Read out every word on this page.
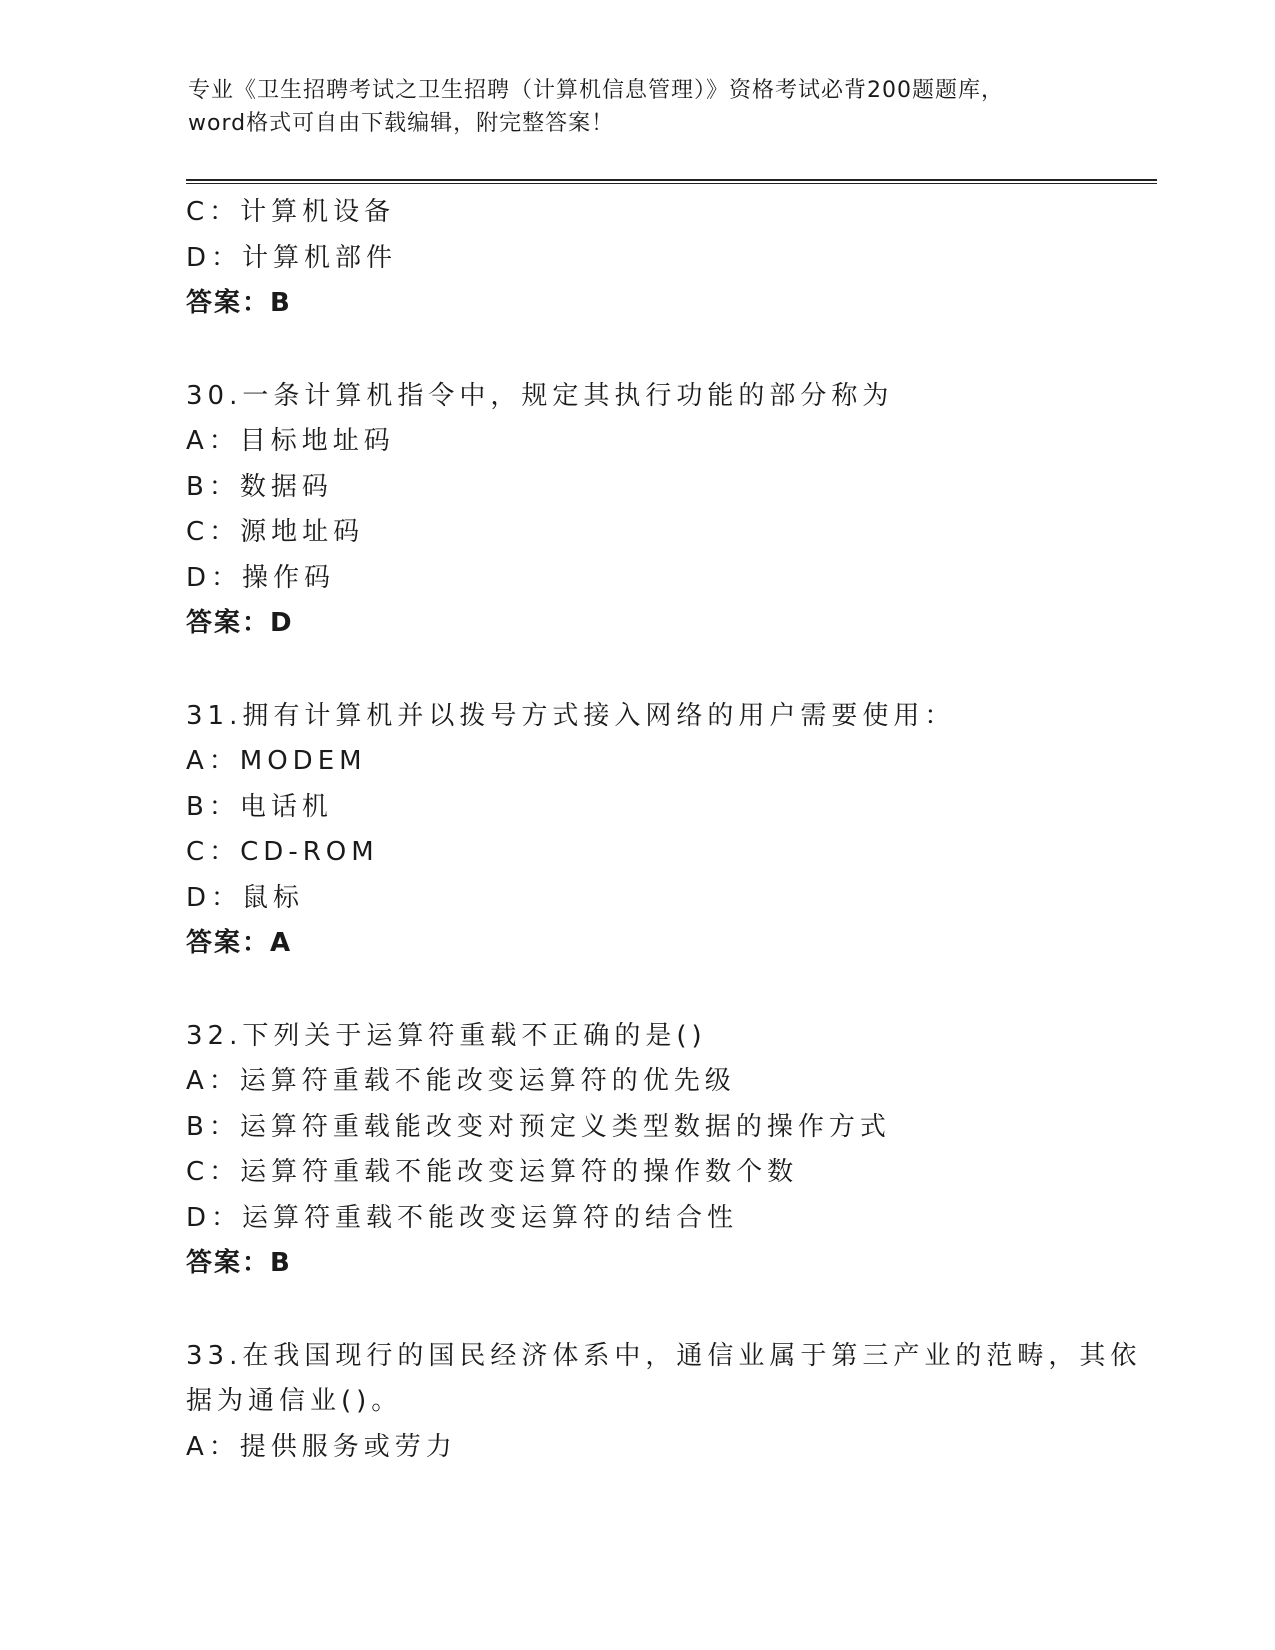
专业《卫生招聘考试之卫生招聘（计算机信息管理）》资格考试必背200题题库，
word格式可自由下载编辑，附完整答案！
C：计算机设备
D：计算机部件
答案：B
30.一条计算机指令中，规定其执行功能的部分称为
A：目标地址码
B：数据码
C：源地址码
D：操作码
答案：D
31.拥有计算机并以拨号方式接入网络的用户需要使用：
A：MODEM
B：电话机
C：CD-ROM
D：鼠标
答案：A
32.下列关于运算符重载不正确的是()
A：运算符重载不能改变运算符的优先级
B：运算符重载能改变对预定义类型数据的操作方式
C：运算符重载不能改变运算符的操作数个数
D：运算符重载不能改变运算符的结合性
答案：B
33.在我国现行的国民经济体系中，通信业属于第三产业的范畴，其依
据为通信业()。
A：提供服务或劳力
